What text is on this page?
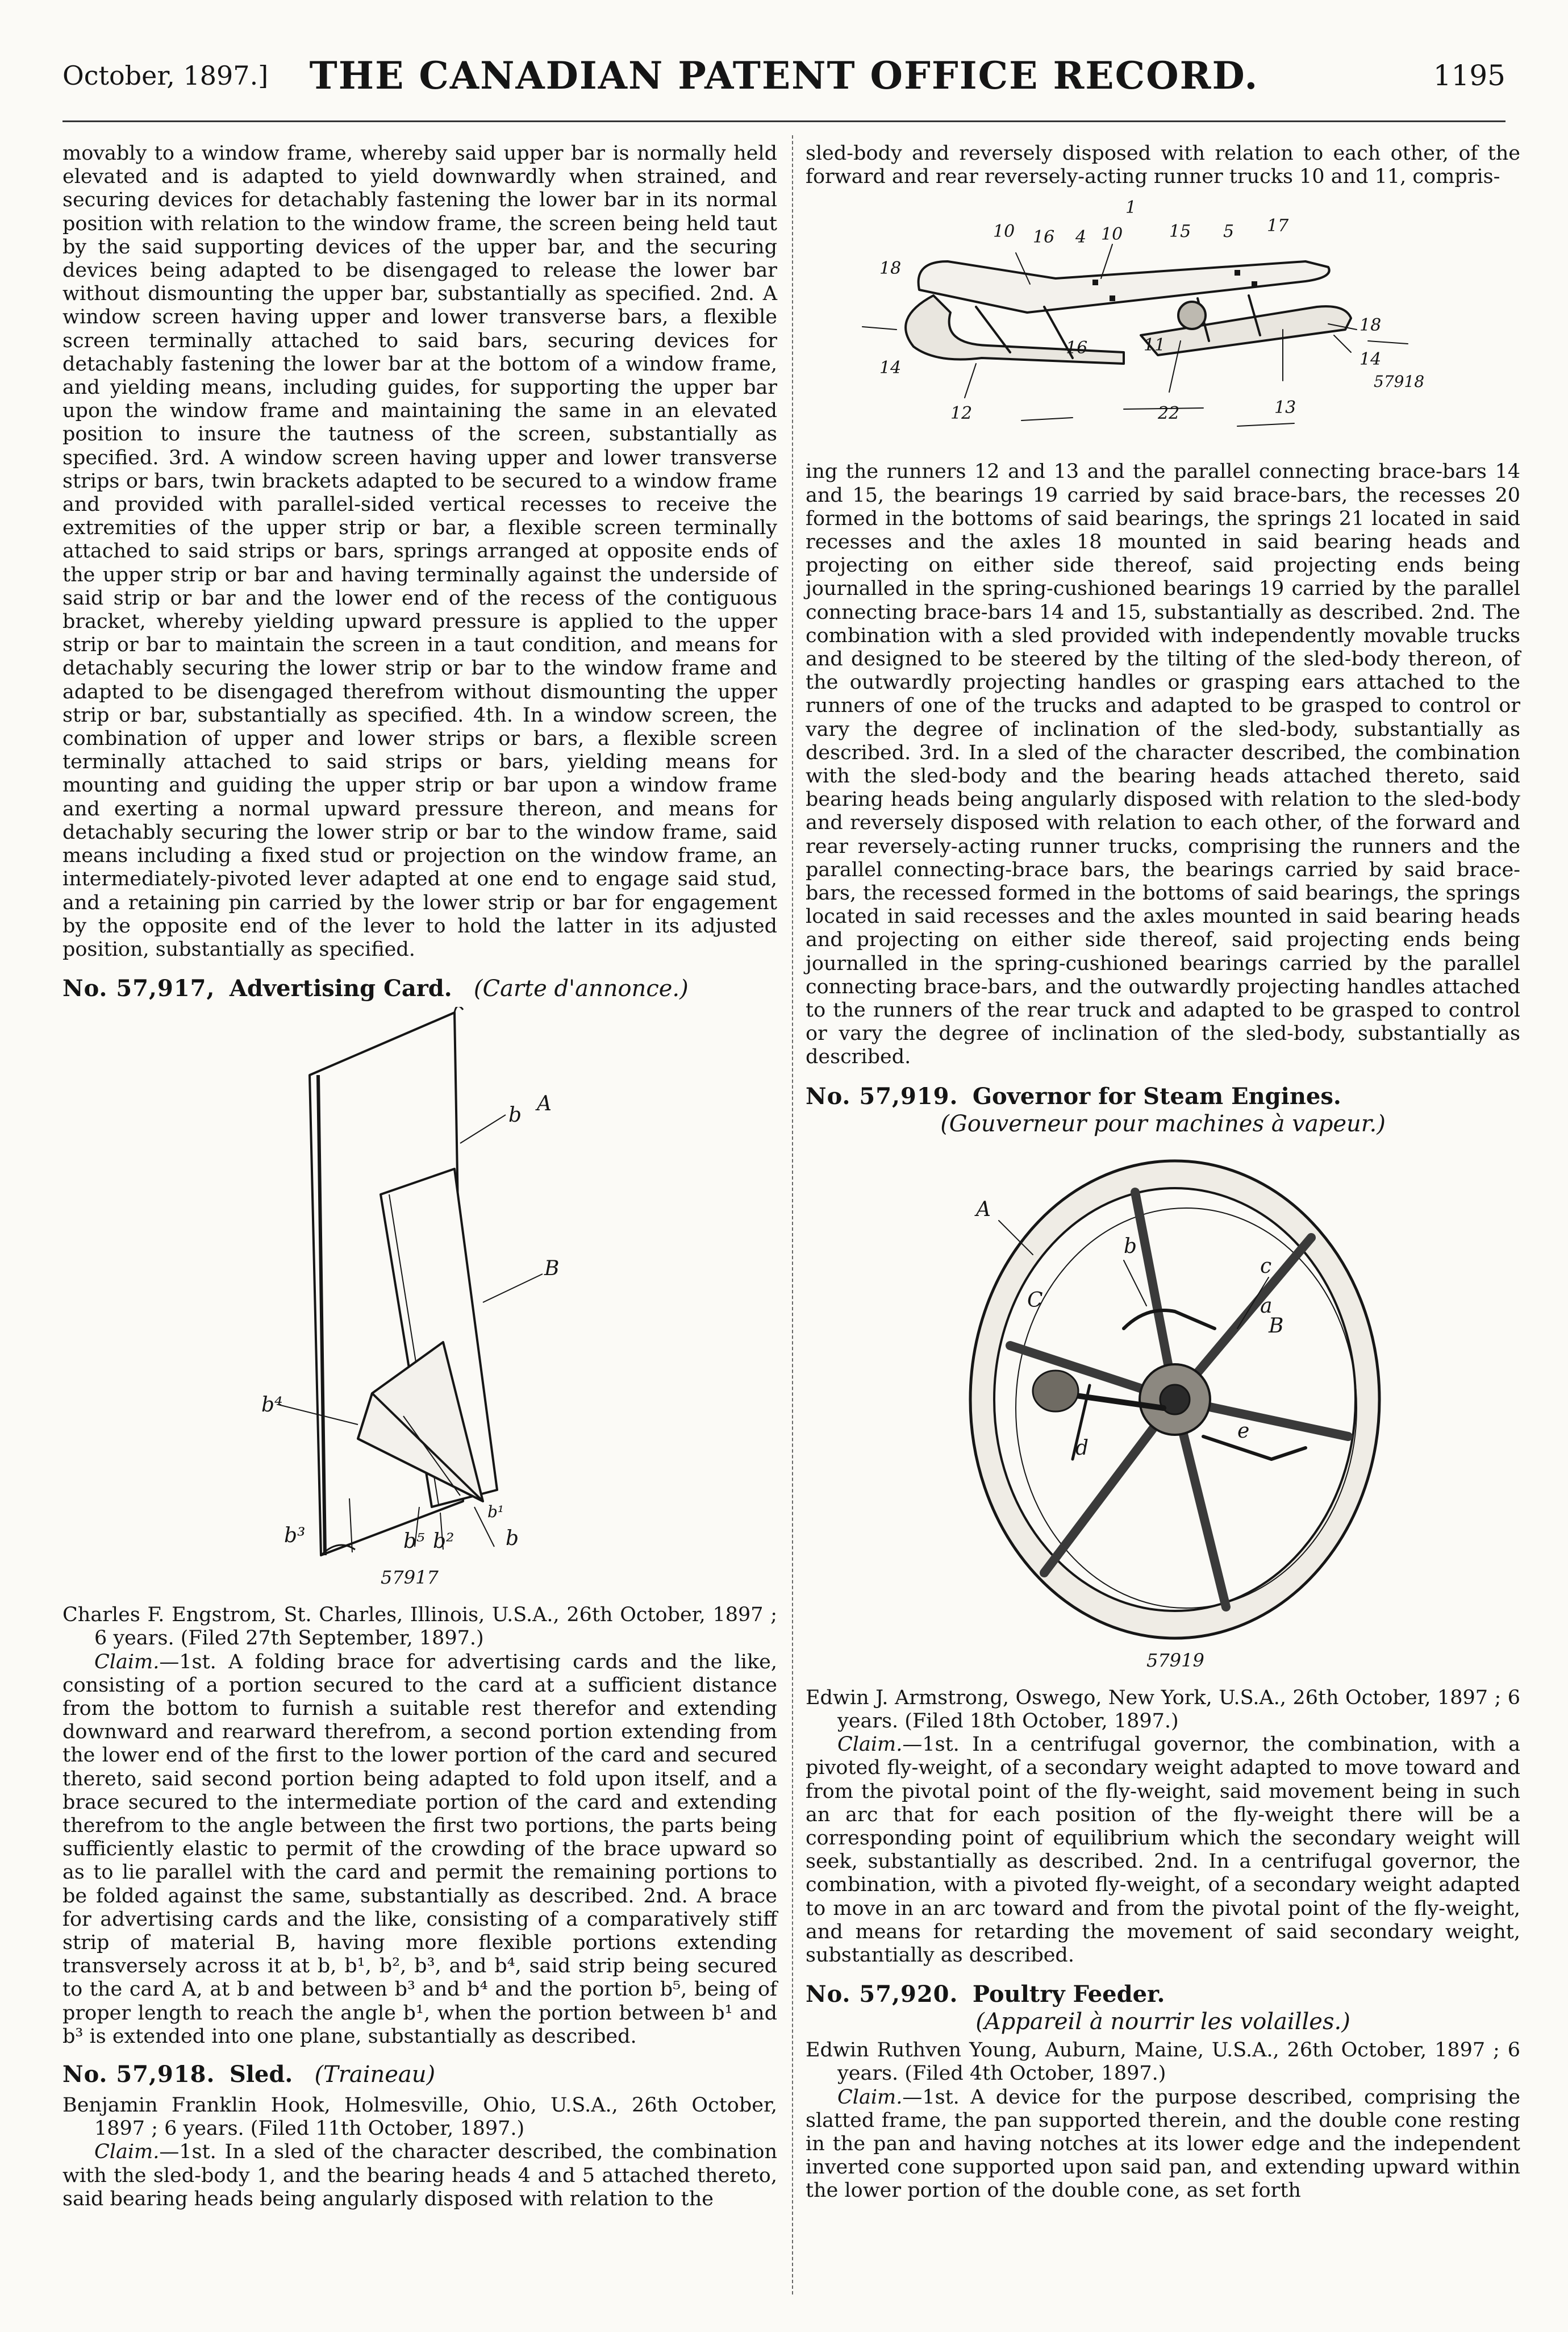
October, 1897.]	THE CANADIAN PATENT OFFICE RECORD.	1195

movably to a window frame, whereby said upper bar is normally held elevated and is adapted to yield downwardly when strained, and securing devices for detachably fastening the lower bar in its normal position with relation to the window frame, the screen being held taut by the said supporting devices of the upper bar, and the securing devices being adapted to be disengaged to release the lower bar without dismounting the upper bar, substantially as specified. 2nd. A window screen having upper and lower transverse bars, a flexible screen terminally attached to said bars, securing devices for detachably fastening the lower bar at the bottom of a window frame, and yielding means, including guides, for supporting the upper bar upon the window frame and maintaining the same in an elevated position to insure the tautness of the screen, substantially as specified. 3rd. A window screen having upper and lower transverse strips or bars, twin brackets adapted to be secured to a window frame and provided with parallel-sided vertical recesses to receive the extremities of the upper strip or bar, a flexible screen terminally attached to said strips or bars, springs arranged at opposite ends of the upper strip or bar and having terminally against the underside of said strip or bar and the lower end of the recess of the contiguous bracket, whereby yielding upward pressure is applied to the upper strip or bar to maintain the screen in a taut condition, and means for detachably securing the lower strip or bar to the window frame and adapted to be disengaged therefrom without dismounting the upper strip or bar, substantially as specified. 4th. In a window screen, the combination of upper and lower strips or bars, a flexible screen terminally attached to said strips or bars, yielding means for mounting and guiding the upper strip or bar upon a window frame and exerting a normal upward pressure thereon, and means for detachably securing the lower strip or bar to the window frame, said means including a fixed stud or projection on the window frame, an intermediately-pivoted lever adapted at one end to engage said stud, and a retaining pin carried by the lower strip or bar for engagement by the opposite end of the lever to hold the latter in its adjusted position, substantially as specified.

No. 57,917, Advertising Card. (Carte d'annonce.)

A
b
B
b⁴
b³	b⁵ b²	b
b¹
57917

Charles F. Engstrom, St. Charles, Illinois, U.S.A., 26th October, 1897 ; 6 years. (Filed 27th September, 1897.)

Claim.—1st. A folding brace for advertising cards and the like, consisting of a portion secured to the card at a sufficient distance from the bottom to furnish a suitable rest therefor and extending downward and rearward therefrom, a second portion extending from the lower end of the first to the lower portion of the card and secured thereto, said second portion being adapted to fold upon itself, and a brace secured to the intermediate portion of the card and extending therefrom to the angle between the first two portions, the parts being sufficiently elastic to permit of the crowding of the brace upward so as to lie parallel with the card and permit the remaining portions to be folded against the same, substantially as described. 2nd. A brace for advertising cards and the like, consisting of a comparatively stiff strip of material B, having more flexible portions extending transversely across it at b, b¹, b², b³, and b⁴, said strip being secured to the card A, at b and between b³ and b⁴ and the portion b⁵, being of proper length to reach the angle b¹, when the portion between b¹ and b³ is extended into one plane, substantially as described.

No. 57,918. Sled. (Traineau)

Benjamin Franklin Hook, Holmesville, Ohio, U.S.A., 26th October, 1897 ; 6 years. (Filed 11th October, 1897.)

Claim.—1st. In a sled of the character described, the combination with the sled-body 1, and the bearing heads 4 and 5 attached thereto, said bearing heads being angularly disposed with relation to the

sled-body and reversely disposed with relation to each other, of the forward and rear reversely-acting runner trucks 10 and 11, compris-

1
10 16 4 10	15 5 17
18
18
14
16	11
14
12	22	13
57918

ing the runners 12 and 13 and the parallel connecting brace-bars 14 and 15, the bearings 19 carried by said brace-bars, the recesses 20 formed in the bottoms of said bearings, the springs 21 located in said recesses and the axles 18 mounted in said bearing heads and projecting on either side thereof, said projecting ends being journalled in the spring-cushioned bearings 19 carried by the parallel connecting brace-bars 14 and 15, substantially as described. 2nd. The combination with a sled provided with independently movable trucks and designed to be steered by the tilting of the sled-body thereon, of the outwardly projecting handles or grasping ears attached to the runners of one of the trucks and adapted to be grasped to control or vary the degree of inclination of the sled-body, substantially as described. 3rd. In a sled of the character described, the combination with the sled-body and the bearing heads attached thereto, said bearing heads being angularly disposed with relation to the sled-body and reversely disposed with relation to each other, of the forward and rear reversely-acting runner trucks, comprising the runners and the parallel connecting-brace bars, the bearings carried by said brace-bars, the recessed formed in the bottoms of said bearings, the springs located in said recesses and the axles mounted in said bearing heads and projecting on either side thereof, said projecting ends being journalled in the spring-cushioned bearings carried by the parallel connecting brace-bars, and the outwardly projecting handles attached to the runners of the rear truck and adapted to be grasped to control or vary the degree of inclination of the sled-body, substantially as described.

No. 57,919. Governor for Steam Engines.

(Gouverneur pour machines à vapeur.)

A
b
C
c
a
B
d
e
57919

Edwin J. Armstrong, Oswego, New York, U.S.A., 26th October, 1897 ; 6 years. (Filed 18th October, 1897.)

Claim.—1st. In a centrifugal governor, the combination, with a pivoted fly-weight, of a secondary weight adapted to move toward and from the pivotal point of the fly-weight, said movement being in such an arc that for each position of the fly-weight there will be a corresponding point of equilibrium which the secondary weight will seek, substantially as described. 2nd. In a centrifugal governor, the combination, with a pivoted fly-weight, of a secondary weight adapted to move in an arc toward and from the pivotal point of the fly-weight, and means for retarding the movement of said secondary weight, substantially as described.

No. 57,920. Poultry Feeder.

(Appareil à nourrir les volailles.)

Edwin Ruthven Young, Auburn, Maine, U.S.A., 26th October, 1897 ; 6 years. (Filed 4th October, 1897.)

Claim.—1st. A device for the purpose described, comprising the slatted frame, the pan supported therein, and the double cone resting in the pan and having notches at its lower edge and the independent inverted cone supported upon said pan, and extending upward within the lower portion of the double cone, as set forth
